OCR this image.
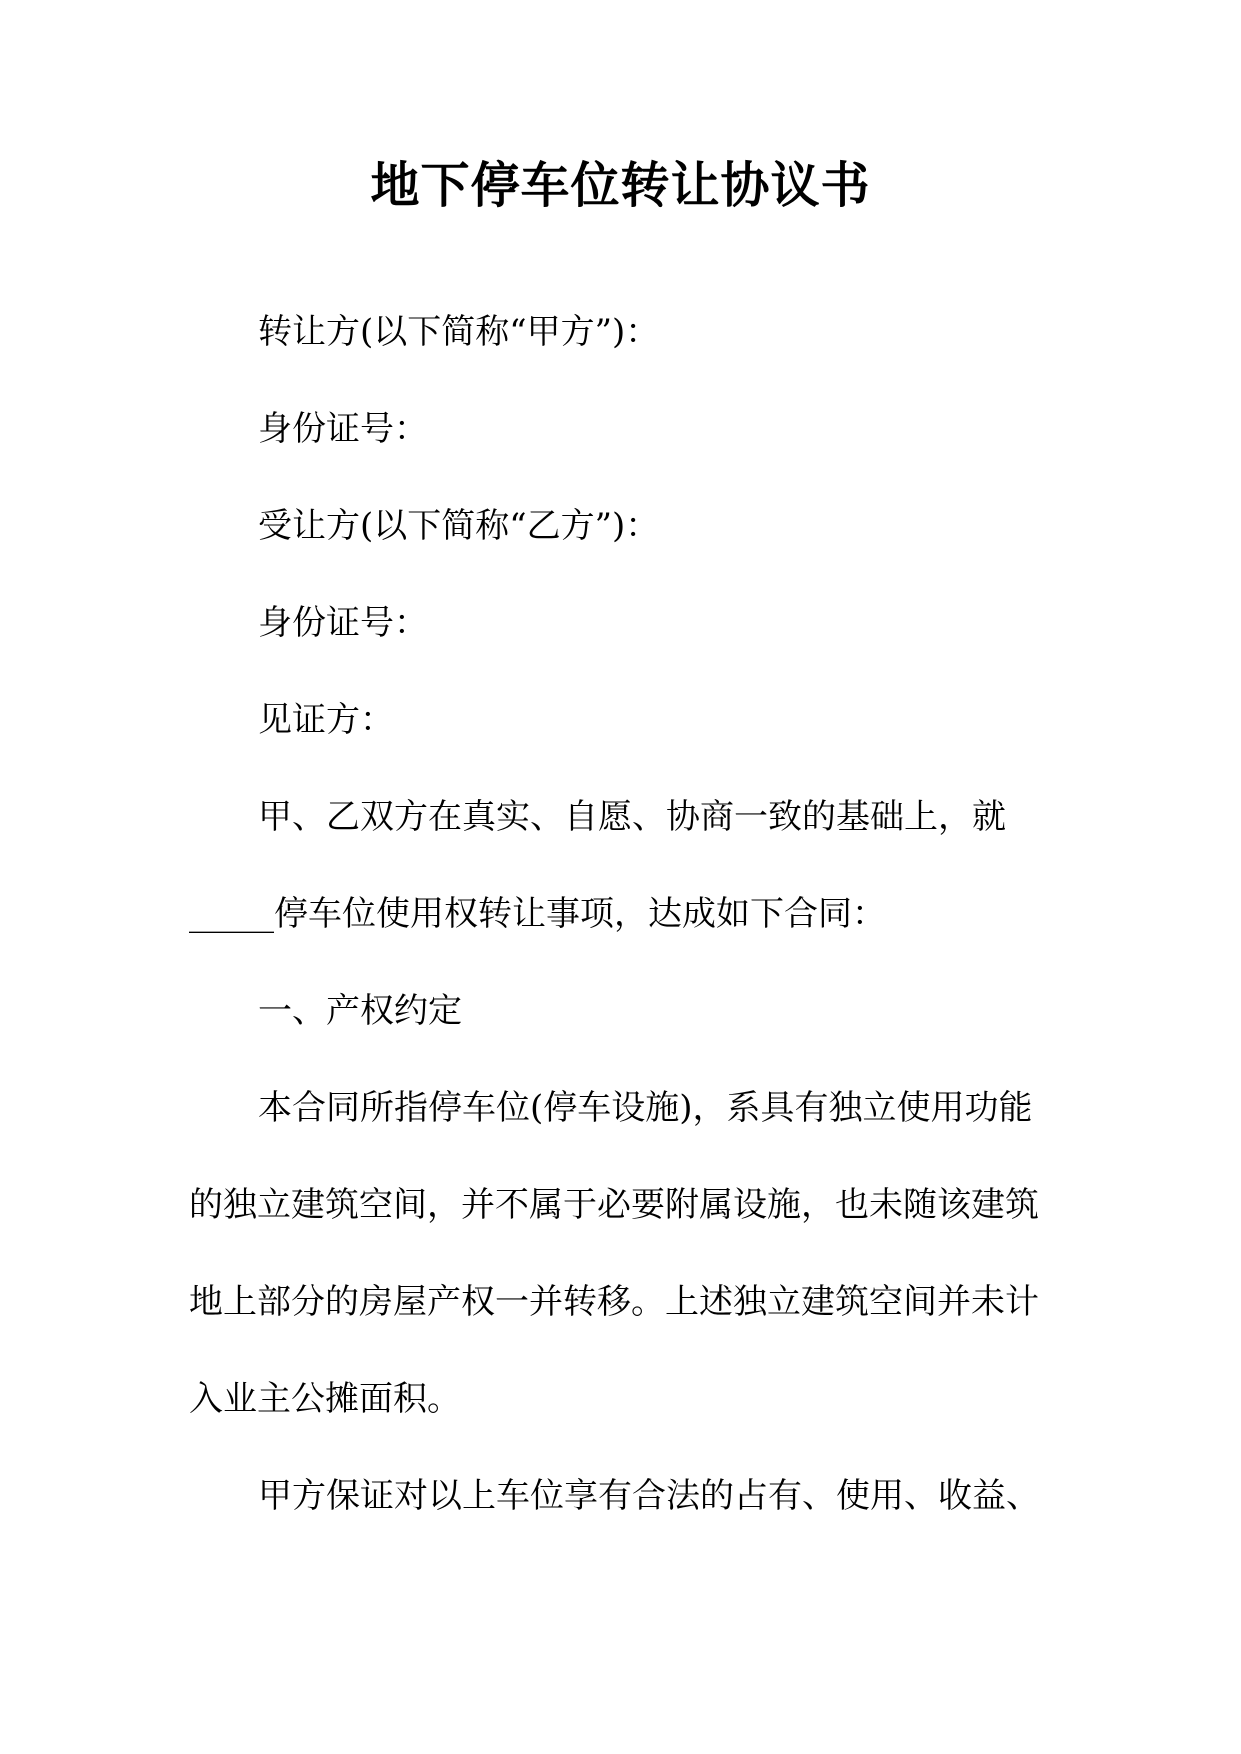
地下停车位转让协议书

转让方(以下简称“甲方”)：

身份证号：

受让方(以下简称“乙方”)：

身份证号：

见证方：

甲、乙双方在真实、自愿、协商一致的基础上，就

_____停车位使用权转让事项，达成如下合同：

一、产权约定

本合同所指停车位(停车设施)，系具有独立使用功能

的独立建筑空间，并不属于必要附属设施，也未随该建筑

地上部分的房屋产权一并转移。上述独立建筑空间并未计

入业主公摊面积。

甲方保证对以上车位享有合法的占有、使用、收益、
